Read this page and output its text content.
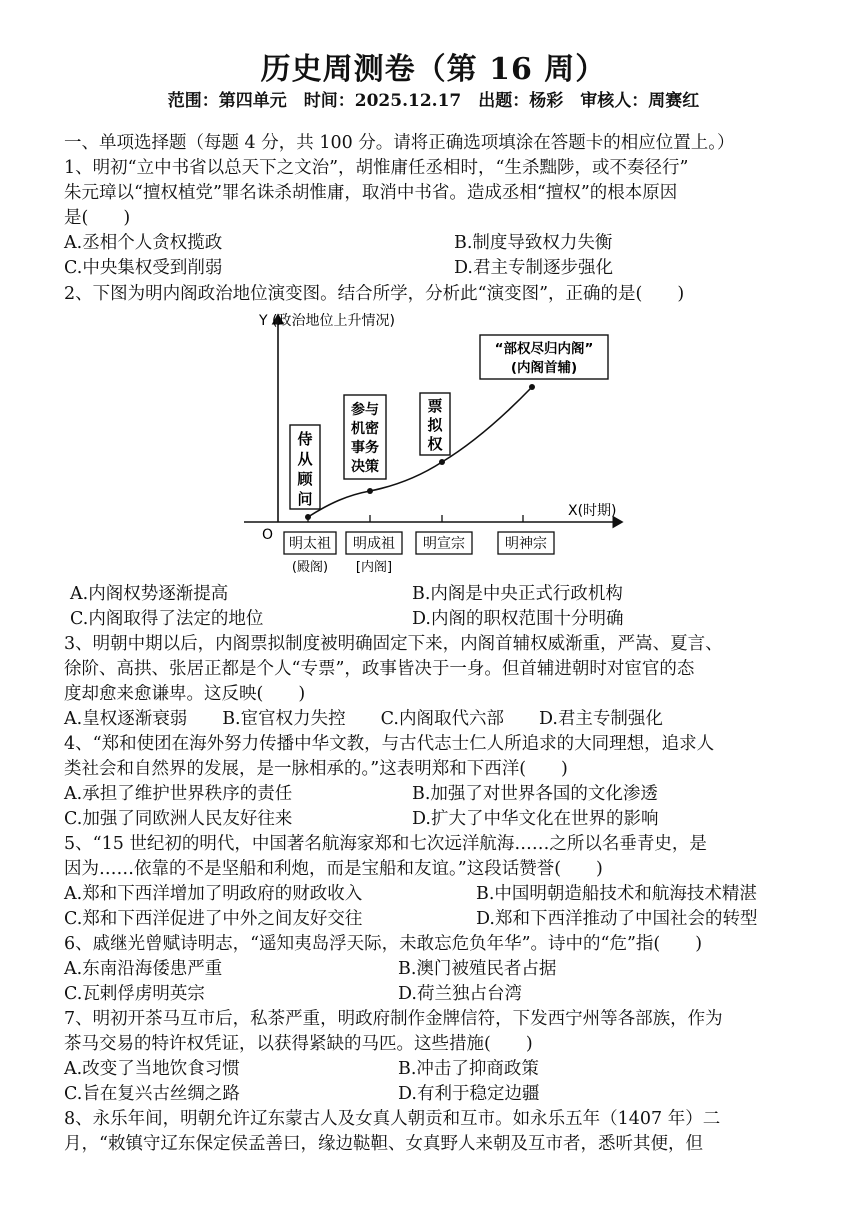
历史周测卷（第 16 周）
范围：第四单元　时间：2025.12.17　出题：杨彩　审核人：周赛红
一、单项选择题（每题 4 分，共 100 分。请将正确选项填涂在答题卡的相应位置上。）
1、明初“立中书省以总天下之文治”，胡惟庸任丞相时，“生杀黜陟，或不奏径行”
朱元璋以“擅权植党”罪名诛杀胡惟庸，取消中书省。造成丞相“擅权”的根本原因
是(　　)
A.丞相个人贪权揽政	B.制度导致权力失衡
C.中央集权受到削弱	D.君主专制逐步强化
2、下图为明内阁政治地位演变图。结合所学，分析此“演变图”，正确的是(　　)
Y (政治地位上升情况)
X(时期)
O
侍
从
顾
问
参与
机密
事务
决策
票
拟
权
“部权尽归内阁”
(内阁首辅)
明太祖 明成祖 明宣宗	明神宗
(殿阁) [内阁]
A.内阁权势逐渐提高	B.内阁是中央正式行政机构
C.内阁取得了法定的地位	D.内阁的职权范围十分明确
3、明朝中期以后，内阁票拟制度被明确固定下来，内阁首辅权威渐重，严嵩、夏言、
徐阶、高拱、张居正都是个人“专票”，政事皆决于一身。但首辅进朝时对宦官的态
度却愈来愈谦卑。这反映(　　)
A.皇权逐渐衰弱　　B.宦官权力失控　　C.内阁取代六部　　D.君主专制强化
4、“郑和使团在海外努力传播中华文教，与古代志士仁人所追求的大同理想，追求人
类社会和自然界的发展，是一脉相承的。”这表明郑和下西洋(　　)
A.承担了维护世界秩序的责任	B.加强了对世界各国的文化渗透
C.加强了同欧洲人民友好往来	D.扩大了中华文化在世界的影响
5、“15 世纪初的明代，中国著名航海家郑和七次远洋航海……之所以名垂青史，是
因为……依靠的不是坚船和利炮，而是宝船和友谊。”这段话赞誉(　　)
A.郑和下西洋增加了明政府的财政收入	B.中国明朝造船技术和航海技术精湛
C.郑和下西洋促进了中外之间友好交往	D.郑和下西洋推动了中国社会的转型
6、戚继光曾赋诗明志，“遥知夷岛浮天际，未敢忘危负年华”。诗中的“危”指(　　)
A.东南沿海倭患严重	B.澳门被殖民者占据
C.瓦剌俘虏明英宗	D.荷兰独占台湾
7、明初开茶马互市后，私茶严重，明政府制作金牌信符，下发西宁州等各部族，作为
茶马交易的特许权凭证，以获得紧缺的马匹。这些措施(　　)
A.改变了当地饮食习惯	B.冲击了抑商政策
C.旨在复兴古丝绸之路	D.有利于稳定边疆
8、永乐年间，明朝允许辽东蒙古人及女真人朝贡和互市。如永乐五年（1407 年）二
月，“敕镇守辽东保定侯孟善曰，缘边鞑靼、女真野人来朝及互市者，悉听其便，但
